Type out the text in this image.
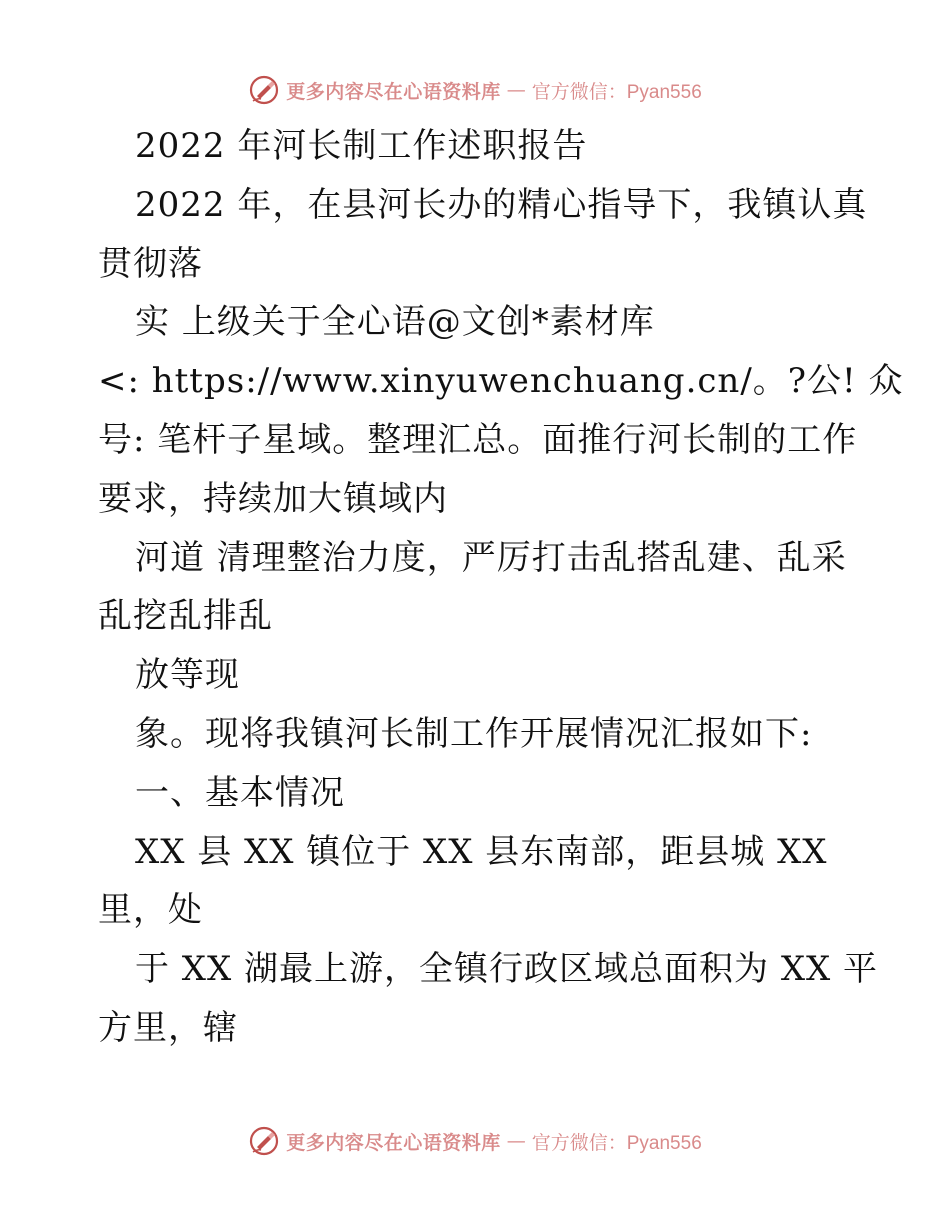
更多内容尽在心语资料库 — 官方微信：Pyan556
2022 年河长制工作述职报告
2022 年，在县河长办的精心指导下，我镇认真
贯彻落
实 上级关于全心语@文创*素材库
<: https://www.xinyuwenchuang.cn/。?公! 众
号: 笔杆子星域。整理汇总。面推行河长制的工作
要求，持续加大镇域内
河道 清理整治力度，严厉打击乱搭乱建、乱采
乱挖乱排乱
放等现
象。现将我镇河长制工作开展情况汇报如下:
一、基本情况
XX 县 XX 镇位于 XX 县东南部，距县城 XX
里，处
于 XX 湖最上游，全镇行政区域总面积为 XX 平
方里，辖
更多内容尽在心语资料库 — 官方微信：Pyan556
